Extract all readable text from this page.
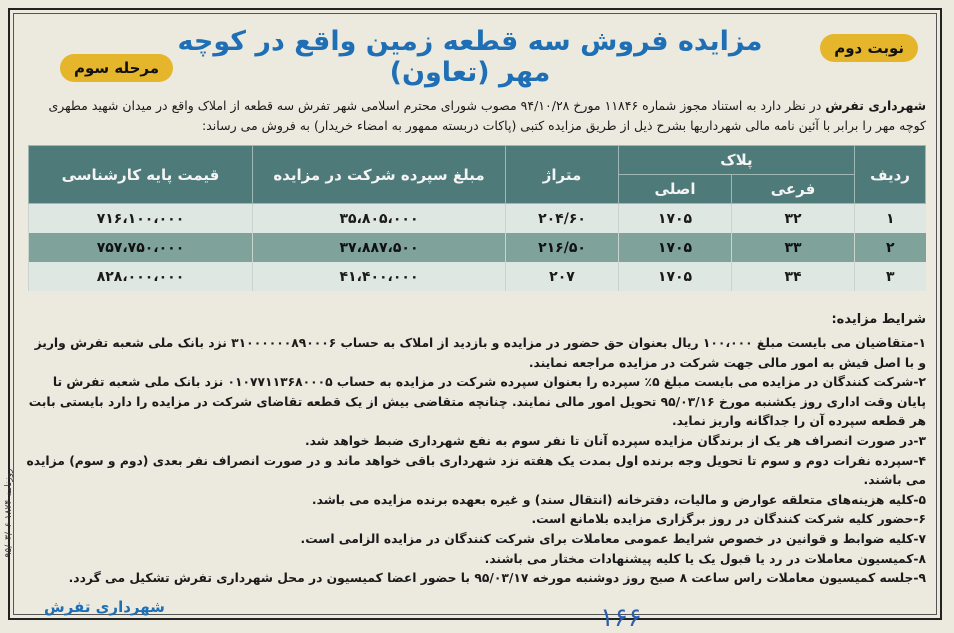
مزایده فروش سه قطعه زمین واقع در کوچه مهر (تعاون)
نوبت دوم
مرحله سوم
شهرداری تفرش در نظر دارد به استناد مجوز شماره ۱۱۸۴۶ مورخ ۹۴/۱۰/۲۸ مصوب شورای محترم اسلامی شهر تفرش سه قطعه از املاک واقع در میدان شهید مطهری کوچه مهر را برابر با آئین نامه مالی شهرداریها بشرح ذیل از طریق مزایده کتبی (پاکات دربسته ممهور به امضاء خریدار) به فروش می رساند:
ردیف	پلاک		متراژ	مبلغ سپرده شرکت در مزایده	قیمت پایه کارشناسی
	فرعی	اصلی			
۱	۳۲	۱۷۰۵	۲۰۴/۶۰	۳۵،۸۰۵،۰۰۰	۷۱۶،۱۰۰،۰۰۰
۲	۳۳	۱۷۰۵	۲۱۶/۵۰	۳۷،۸۸۷،۵۰۰	۷۵۷،۷۵۰،۰۰۰
۳	۳۴	۱۷۰۵	۲۰۷	۴۱،۴۰۰،۰۰۰	۸۲۸،۰۰۰،۰۰۰
شرایط مزایده:
۱-متقاضیان می بایست مبلغ ۱۰۰،۰۰۰ ریال بعنوان حق حضور در مزایده و بازدید از املاک به حساب ۳۱۰۰۰۰۰۰۸۹۰۰۰۶ نزد بانک ملی شعبه تفرش واریز و با اصل فیش به امور مالی جهت شرکت در مزایده مراجعه نمایند.
۲-شرکت کنندگان در مزایده می بایست مبلغ ۵٪ سپرده را بعنوان سپرده شرکت در مزایده به حساب ۰۱۰۷۷۱۱۳۶۸۰۰۰۵ نزد بانک ملی شعبه تفرش تا پایان وقت اداری روز یکشنبه مورخ ۹۵/۰۳/۱۶ تحویل امور مالی نمایند. چنانچه متقاضی بیش از یک قطعه تقاضای شرکت در مزایده را دارد بایستی بابت هر قطعه سپرده آن را جداگانه واریز نماید.
۳-در صورت انصراف هر یک از برندگان مزایده سپرده آنان تا نفر سوم به نفع شهرداری ضبط خواهد شد.
۴-سپرده نفرات دوم و سوم تا تحویل وجه برنده اول بمدت یک هفته نزد شهرداری باقی خواهد ماند و در صورت انصراف نفر بعدی (دوم و سوم) مزایده می باشند.
۵-کلیه هزینه‌های متعلقه عوارض و مالیات، دفترخانه (انتقال سند) و غیره بعهده برنده مزایده می باشد.
۶-حضور کلیه شرکت کنندگان در روز برگزاری مزایده بلامانع است.
۷-کلیه ضوابط و قوانین در خصوص شرایط عمومی معاملات برای شرکت کنندگان در مزایده الزامی است.
۸-کمیسیون معاملات در رد یا قبول یک یا کلیه پیشنهادات مختار می باشند.
۹-جلسه کمیسیون معاملات راس ساعت ۸ صبح روز دوشنبه مورخه ۹۵/۰۳/۱۷ با حضور اعضا کمیسیون در محل شهرداری تفرش تشکیل می گردد.
شهرداری تفرش
۹۵/۰۳/۰۶-۱۸۷۴-روزنامه
۱۶۶
